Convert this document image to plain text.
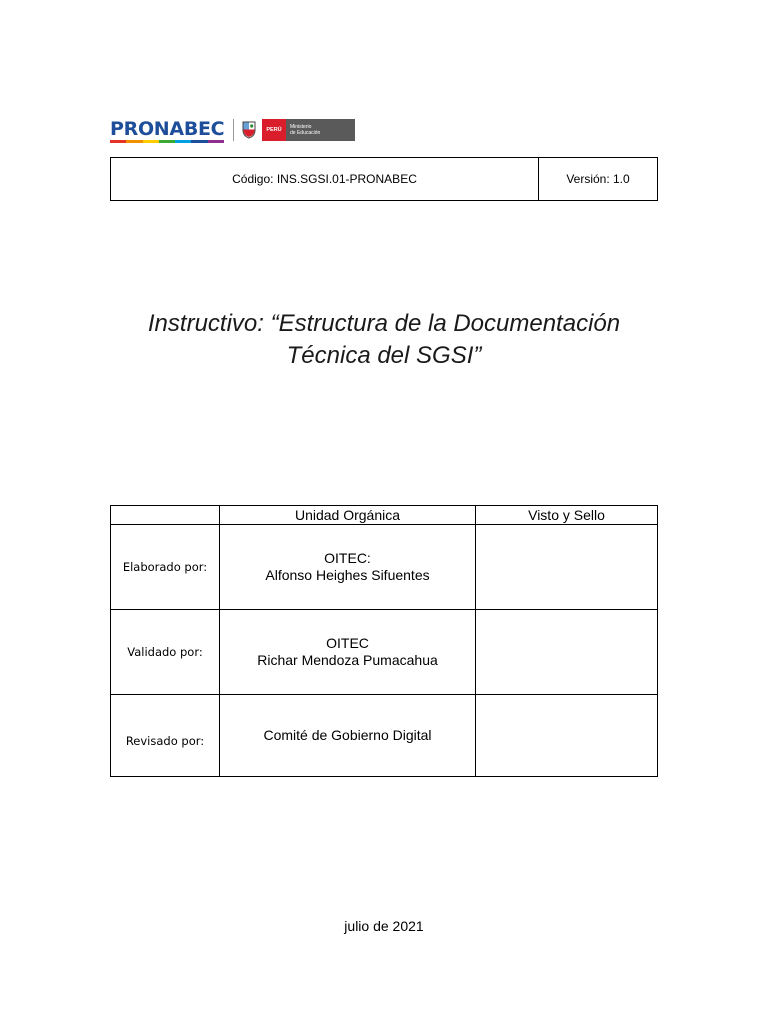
PRONABEC	PERÚ	Ministerio
de Educación
Código: INS.SGSI.01-PRONABEC	Versión: 1.0
Instructivo: “Estructura de la Documentación
Técnica del SGSI”
	Unidad Orgánica	Visto y Sello
Elaborado por:	OITEC:
Alfonso Heighes Sifuentes	

Validado por:	OITEC
Richar Mendoza Pumacahua	

Revisado por:	Comité de Gobierno Digital	

julio de 2021
